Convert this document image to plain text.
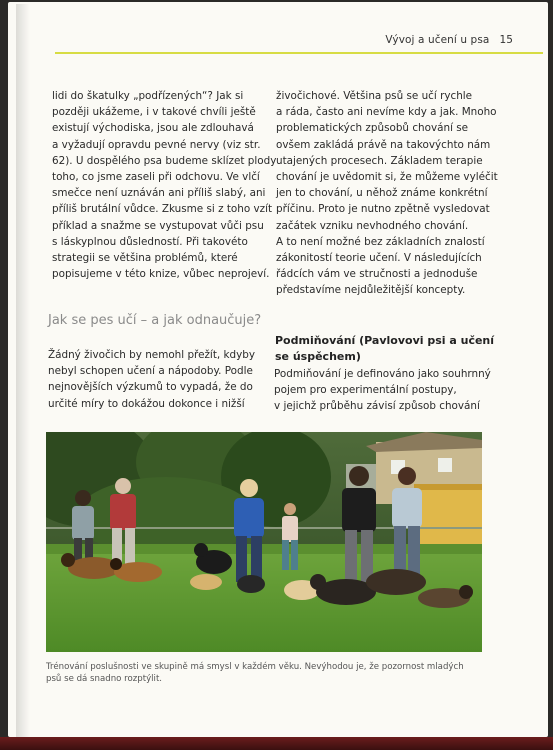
Vývoj a učení u psa 15
lidi do škatulky „podřízených“? Jak si
později ukážeme, i v takové chvíli ještě
existují východiska, jsou ale zdlouhavá
a vyžadují opravdu pevné nervy (viz str.
62). U dospělého psa budeme sklízet plody
toho, co jsme zaseli při odchovu. Ve vlčí
smečce není uznáván ani příliš slabý, ani
příliš brutální vůdce. Zkusme si z toho vzít
příklad a snažme se vystupovat vůči psu
s láskyplnou důsledností. Při takovéto
strategii se většina problémů, které
popisujeme v této knize, vůbec neprojeví.
živočichové. Většina psů se učí rychle
a ráda, často ani nevíme kdy a jak. Mnoho
problematických způsobů chování se
ovšem zakládá právě na takovýchto nám
utajených procesech. Základem terapie
chování je uvědomit si, že můžeme vyléčit
jen to chování, u něhož známe konkrétní
příčinu. Proto je nutno zpětně vysledovat
začátek vzniku nevhodného chování.
A to není možné bez základních znalostí
zákonitostí teorie učení. V následujících
řádcích vám ve stručnosti a jednoduše
představíme nejdůležitější koncepty.
Jak se pes učí – a jak odnaučuje?
Žádný živočich by nemohl přežít, kdyby
nebyl schopen učení a nápodoby. Podle
nejnovějších výzkumů to vypadá, že do
určité míry to dokážou dokonce i nižší
Podmiňování (Pavlovovi psi a učení
se úspěchem)
Podmiňování je definováno jako souhrnný
pojem pro experimentální postupy,
v jejichž průběhu závisí způsob chování
Trénování poslušnosti ve skupině má smysl v každém věku. Nevýhodou je, že pozornost mladých
psů se dá snadno rozptýlit.
